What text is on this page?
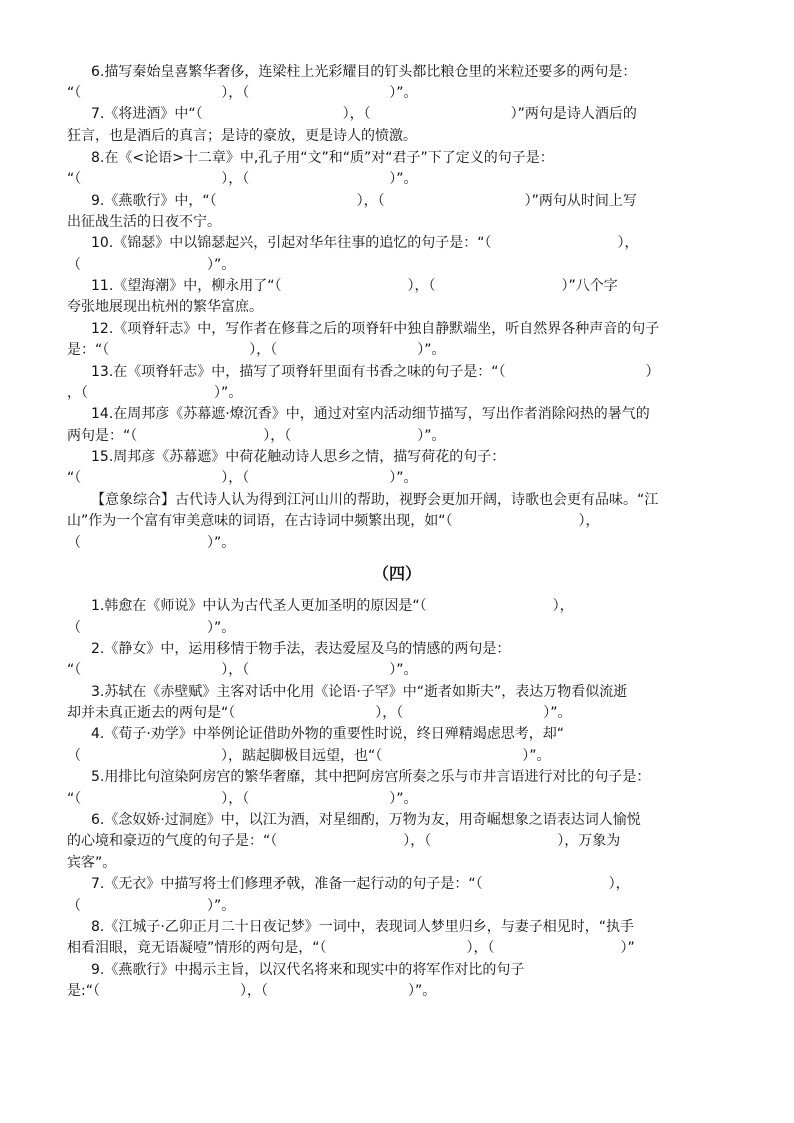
6.描写秦始皇喜繁华奢侈，连梁柱上光彩耀目的钉头都比粮仓里的米粒还要多的两句是：
“（　　　　　　　　　　），（　　　　　　　　　　）”。
7.《将进酒》中“（　　　　　　　　　　），（　　　　　　　　　　）”两句是诗人酒后的
狂言，也是酒后的真言；是诗的豪放，更是诗人的愤激。
8.在《<论语>十二章》中,孔子用“文”和“质”对“君子”下了定义的句子是：
“（　　　　　　　　　　），（　　　　　　　　　　）”。
9.《燕歌行》中，“（　　　　　　　　　　），（　　　　　　　　　　）”两句从时间上写
出征战生活的日夜不宁。
10.《锦瑟》中以锦瑟起兴，引起对华年往事的追忆的句子是：“（　　　　　　　　　），
（　　　　　　　　　）”。
11.《望海潮》中，柳永用了“（　　　　　　　　　），（　　　　　　　　　）”八个字
夸张地展现出杭州的繁华富庶。
12.《项脊轩志》中，写作者在修葺之后的项脊轩中独自静默端坐，听自然界各种声音的句子
是：“（　　　　　　　　　　），（　　　　　　　　　　）”。
13.在《项脊轩志》中，描写了项脊轩里面有书香之味的句子是：“（　　　　　　　　　　）
，（　　　　　　　　　）”。
14.在周邦彦《苏幕遮·燎沉香》中，通过对室内活动细节描写，写出作者消除闷热的暑气的
两句是：“（　　　　　　　　　），（　　　　　　　　　）”。
15.周邦彦《苏幕遮》中荷花触动诗人思乡之情，描写荷花的句子：
“（　　　　　　　　　　），（　　　　　　　　　　）”。
【意象综合】古代诗人认为得到江河山川的帮助，视野会更加开阔，诗歌也会更有品味。“江
山”作为一个富有审美意味的词语，在古诗词中频繁出现，如“（　　　　　　　　　），
（　　　　　　　　　）”。
（四）
1.韩愈在《师说》中认为古代圣人更加圣明的原因是“（　　　　　　　　　），
（　　　　　　　　　）”。
2.《静女》中，运用移情于物手法，表达爱屋及乌的情感的两句是：
“（　　　　　　　　　　），（　　　　　　　　　　）”。
3.苏轼在《赤壁赋》主客对话中化用《论语·子罕》中“逝者如斯夫”，表达万物看似流逝
却并未真正逝去的两句是“（　　　　　　　　　　），（　　　　　　　　　　）”。
4.《荀子·劝学》中举例论证借助外物的重要性时说，终日殚精竭虑思考，却“
（　　　　　　　　　　），踮起脚极目远望，也“（　　　　　　　　　　）”。
5.用排比句渲染阿房宫的繁华奢靡，其中把阿房宫所奏之乐与市井言语进行对比的句子是：
“（　　　　　　　　　　），（　　　　　　　　　　）”。
6.《念奴娇·过洞庭》中，以江为酒，对星细酌，万物为友，用奇崛想象之语表达词人愉悦
的心境和豪迈的气度的句子是：“（　　　　　　　　　），（　　　　　　　　　），万象为
宾客”。
7.《无衣》中描写将士们修理矛戟，准备一起行动的句子是：“（　　　　　　　　　），
（　　　　　　　　　）”。
8.《江城子·乙卯正月二十日夜记梦》一词中，表现词人梦里归乡，与妻子相见时，“执手
相看泪眼，竟无语凝噎”情形的两句是，“（　　　　　　　　　　），（　　　　　　　　　）”
9.《燕歌行》中揭示主旨，以汉代名将来和现实中的将军作对比的句子
是:“（　　　　　　　　　　），（　　　　　　　　　　）”。
